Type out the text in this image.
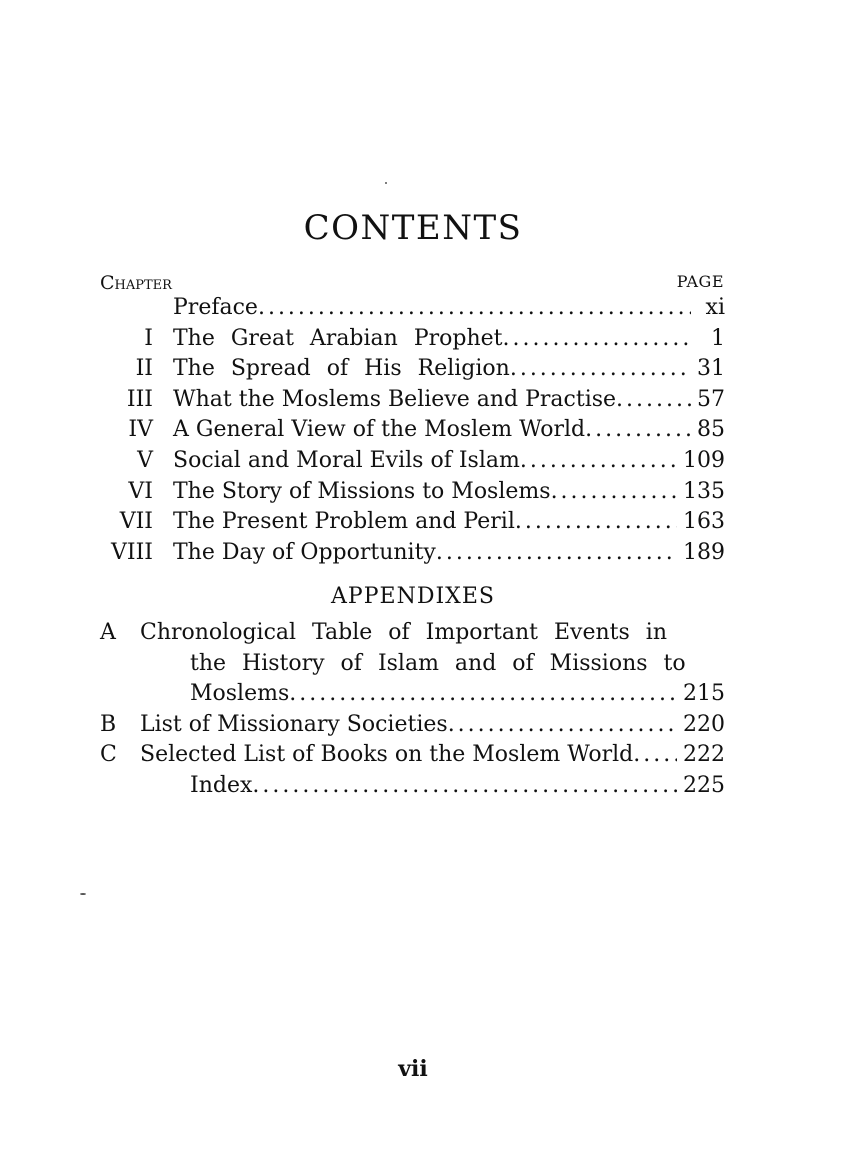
CONTENTS
Chapter	PAGE
Preface .....	xi
I The Great Arabian Prophet .....	1
II The Spread of His Religion .....	31
III What the Moslems Believe and Practise .....	57
IV A General View of the Moslem World .....	85
V Social and Moral Evils of Islam .....	109
VI The Story of Missions to Moslems .....	135
VII The Present Problem and Peril .....	163
VIII The Day of Opportunity .....	189
APPENDIXES
A	Chronological Table of Important Events in
the History of Islam and of Missions to
Moslems .....	215
B	List of Missionary Societies .....	220
C	Selected List of Books on the Moslem World ..... 222
Index .....	225
vii
